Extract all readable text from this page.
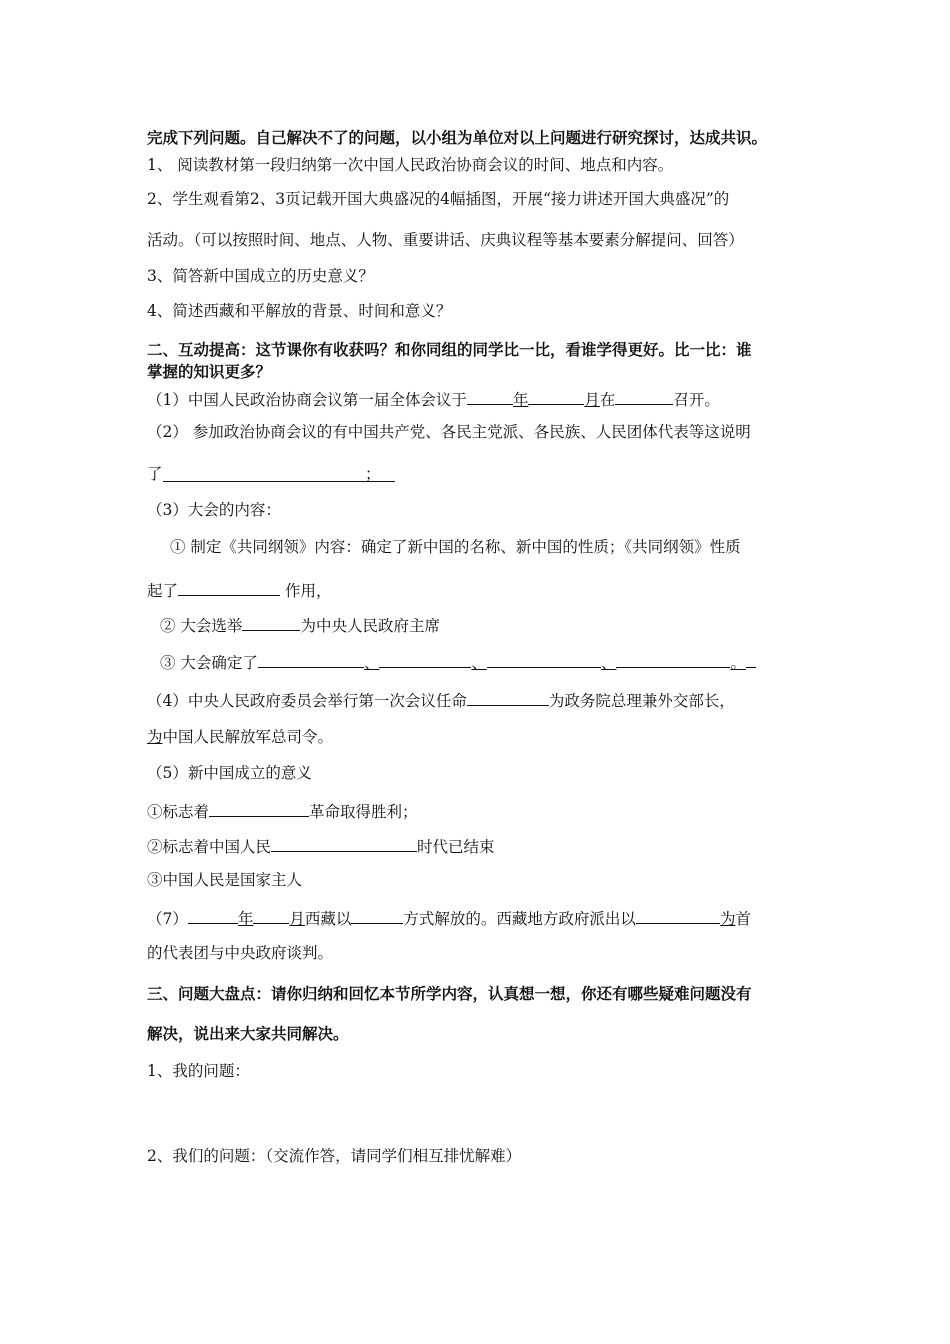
完成下列问题。自己解决不了的问题，以小组为单位对以上问题进行研究探讨，达成共识。
1、 阅读教材第一段归纳第一次中国人民政治协商会议的时间、地点和内容。
2、学生观看第2、3页记载开国大典盛况的4幅插图，开展“接力讲述开国大典盛况”的
活动。（可以按照时间、地点、人物、重要讲话、庆典议程等基本要素分解提问、回答）
3、简答新中国成立的历史意义？
4、简述西藏和平解放的背景、时间和意义？
二、互动提高：这节课你有收获吗？和你同组的同学比一比，看谁学得更好。比一比：谁
掌握的知识更多？
（1）中国人民政治协商会议第一届全体会议于	年	月在	召开。
（2） 参加政治协商会议的有中国共产党、各民主党派、各民族、人民团体代表等这说明
了	；
（3）大会的内容：
① 制定《共同纲领》内容：确定了新中国的名称、新中国的性质；《共同纲领》性质
起了	作用，
② 大会选举	为中央人民政府主席
③ 大会确定了	、	、	、	。
（4）中央人民政府委员会举行第一次会议任命	为政务院总理兼外交部长，
为中国人民解放军总司令。
（5）新中国成立的意义
①标志着	革命取得胜利；
②标志着中国人民	时代已结束
③中国人民是国家主人
（7）	年 月西藏以	方式解放的。西藏地方政府派出以	为首
的代表团与中央政府谈判。
三、问题大盘点：请你归纳和回忆本节所学内容，认真想一想，你还有哪些疑难问题没有
解决，说出来大家共同解决。
1、我的问题：
2、我们的问题：（交流作答，请同学们相互排忧解难）
